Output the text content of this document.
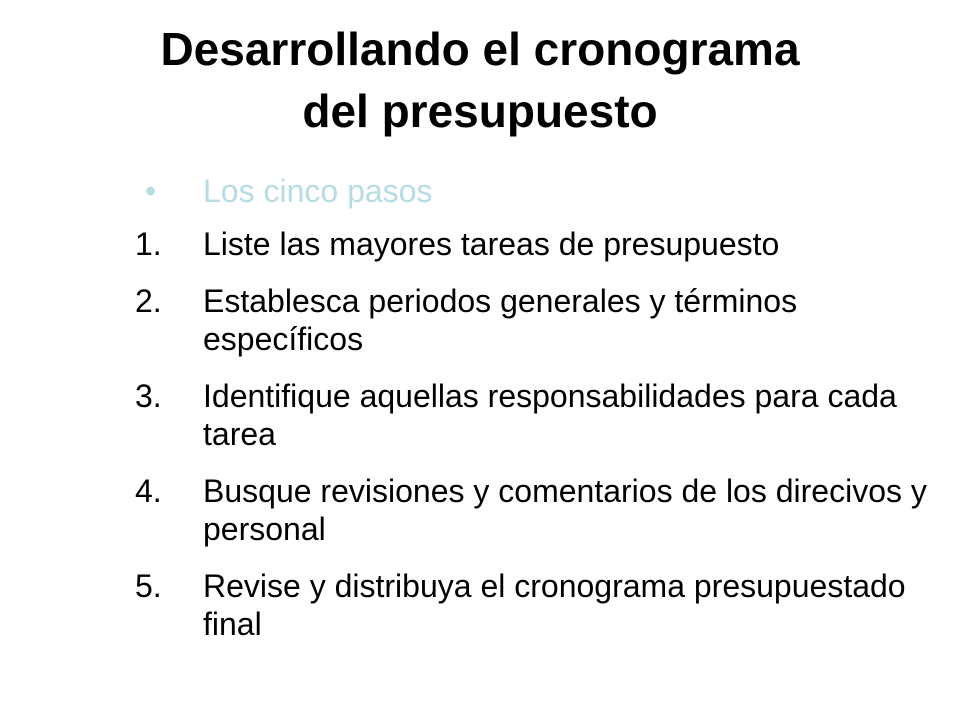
Desarrollando el cronograma
del presupuesto
•	Los cinco pasos
1.	Liste las mayores tareas de presupuesto
2.	Establesca periodos generales y términos específicos
3.	Identifique aquellas responsabilidades para cada tarea
4.	Busque revisiones y comentarios de los direcivos y personal
5.	Revise y distribuya el cronograma presupuestado final
